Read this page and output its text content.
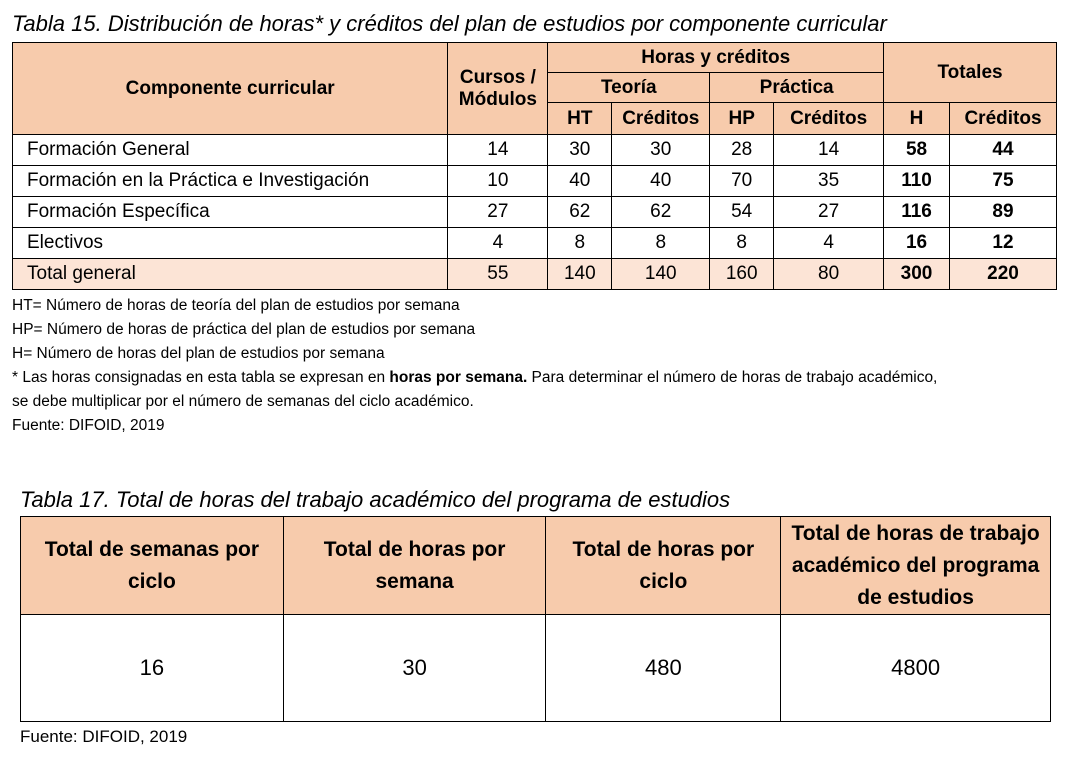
Tabla 15. Distribución de horas* y créditos del plan de estudios por componente curricular
Componente curricular	Cursos / Módulos	Horas y créditos				Totales	
		Teoría		Práctica			
		HT	Créditos	HP	Créditos	H	Créditos
Formación General	14	30	30	28	14	58	44
Formación en la Práctica e Investigación	10	40	40	70	35	110	75
Formación Específica	27	62	62	54	27	116	89
Electivos	4	8	8	8	4	16	12
Total general	55	140	140	160	80	300	220
HT= Número de horas de teoría del plan de estudios por semana
HP= Número de horas de práctica del plan de estudios por semana
H= Número de horas del plan de estudios por semana
* Las horas consignadas en esta tabla se expresan en horas por semana. Para determinar el número de horas de trabajo académico,
se debe multiplicar por el número de semanas del ciclo académico.
Fuente: DIFOID, 2019
Tabla 17. Total de horas del trabajo académico del programa de estudios
Total de semanas por ciclo	Total de horas por semana	Total de horas por ciclo	Total de horas de trabajo académico del programa de estudios
16	30	480	4800
Fuente: DIFOID, 2019
